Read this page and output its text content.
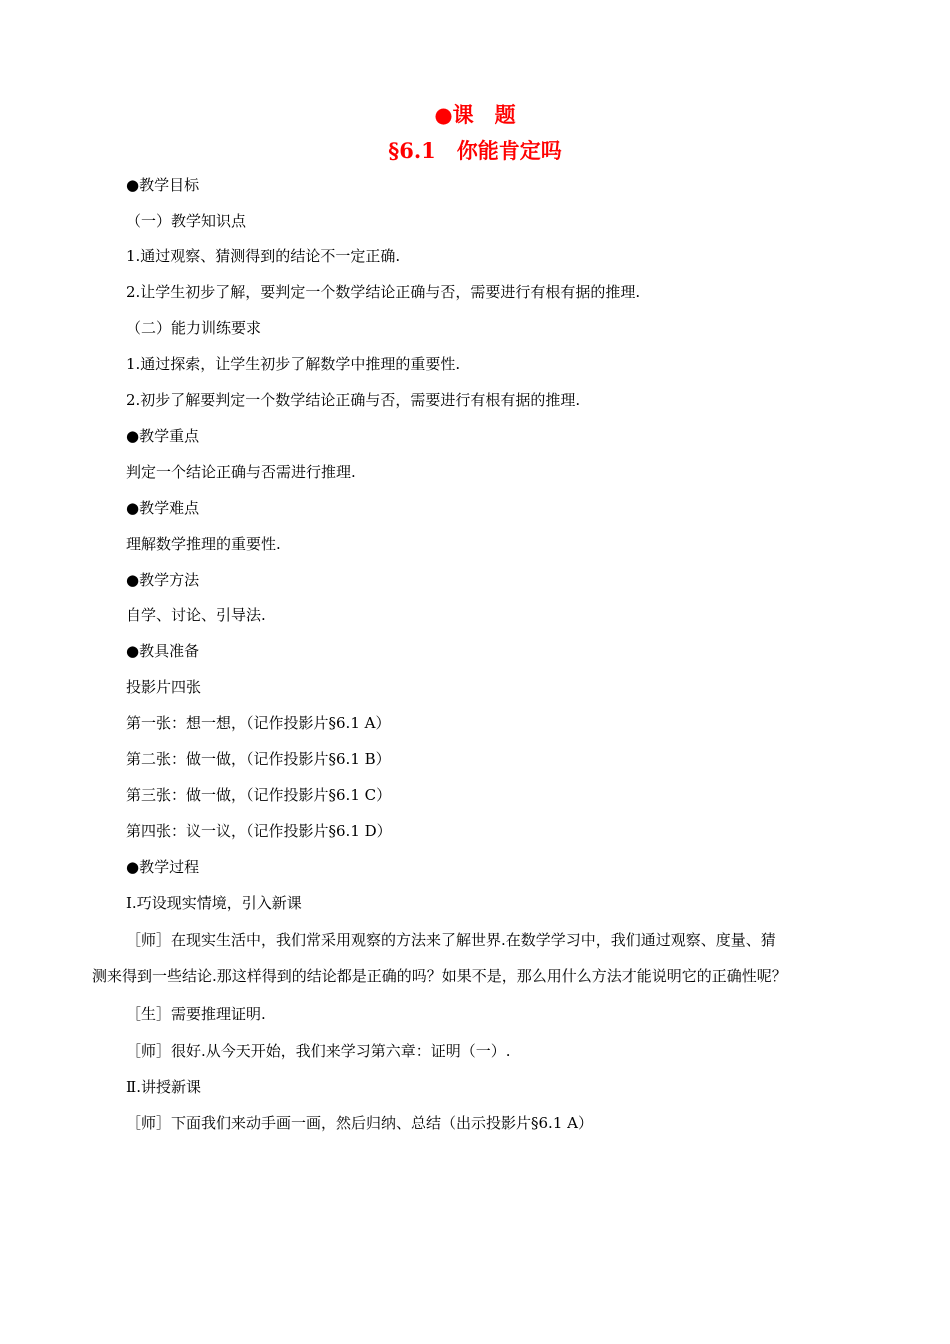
●课　题
§6.1　你能肯定吗
●教学目标
（一）教学知识点
1.通过观察、猜测得到的结论不一定正确.
2.让学生初步了解，要判定一个数学结论正确与否，需要进行有根有据的推理.
（二）能力训练要求
1.通过探索，让学生初步了解数学中推理的重要性.
2.初步了解要判定一个数学结论正确与否，需要进行有根有据的推理.
●教学重点
判定一个结论正确与否需进行推理.
●教学难点
理解数学推理的重要性.
●教学方法
自学、讨论、引导法.
●教具准备
投影片四张
第一张：想一想，（记作投影片§6.1 A）
第二张：做一做，（记作投影片§6.1 B）
第三张：做一做，（记作投影片§6.1 C）
第四张：议一议，（记作投影片§6.1 D）
●教学过程
Ⅰ.巧设现实情境，引入新课
［师］在现实生活中，我们常采用观察的方法来了解世界.在数学学习中，我们通过观察、度量、猜
测来得到一些结论.那这样得到的结论都是正确的吗？如果不是，那么用什么方法才能说明它的正确性呢？
［生］需要推理证明.
［师］很好.从今天开始，我们来学习第六章：证明（一）.
Ⅱ.讲授新课
［师］下面我们来动手画一画，然后归纳、总结（出示投影片§6.1 A）
